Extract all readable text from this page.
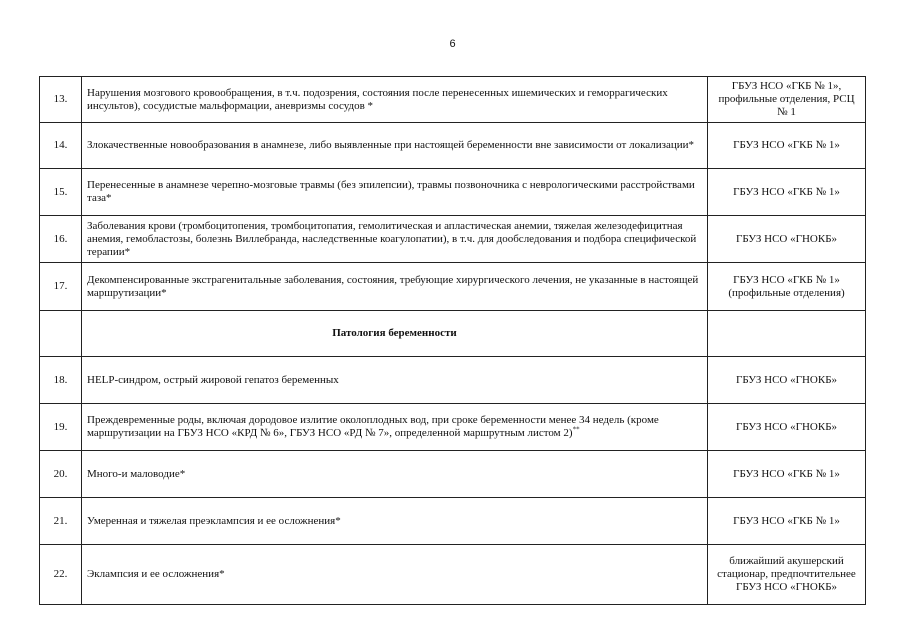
6
13.	Нарушения мозгового кровообращения, в т.ч. подозрения, состояния после перенесенных ишемических и геморрагических инсультов), сосудистые мальформации, аневризмы сосудов *	ГБУЗ НСО «ГКБ № 1», профильные отделения, РСЦ № 1
14.	Злокачественные новообразования в анамнезе, либо выявленные при настоящей беременности вне зависимости от локализации*	ГБУЗ НСО «ГКБ № 1»
15.	Перенесенные в анамнезе черепно-мозговые травмы (без эпилепсии), травмы позвоночника с неврологическими расстройствами таза*	ГБУЗ НСО «ГКБ № 1»
16.	Заболевания крови (тромбоцитопения, тромбоцитопатия, гемолитическая и апластическая анемии, тяжелая железодефицитная анемия, гемобластозы, болезнь Виллебранда, наследственные коагулопатии), в т.ч. для дообследования и подбора специфической терапии*	ГБУЗ НСО «ГНОКБ»
17.	Декомпенсированные экстрагенитальные заболевания, состояния, требующие хирургического лечения, не указанные в настоящей маршрутизации*	ГБУЗ НСО «ГКБ № 1» (профильные отделения)
	Патология беременности	
18.	HELP-синдром, острый жировой гепатоз беременных	ГБУЗ НСО «ГНОКБ»
19.	Преждевременные роды, включая дородовое излитие околоплодных вод, при сроке беременности менее 34 недель (кроме маршрутизации на ГБУЗ НСО «КРД № 6», ГБУЗ НСО «РД № 7», определенной маршрутным листом 2)**	ГБУЗ НСО «ГНОКБ»
20.	Много-и маловодие*	ГБУЗ НСО «ГКБ № 1»
21.	Умеренная и тяжелая преэклампсия и ее осложнения*	ГБУЗ НСО «ГКБ № 1»
22.	Эклампсия и ее осложнения*	ближайший акушерский стационар, предпочтительнее ГБУЗ НСО «ГНОКБ»
